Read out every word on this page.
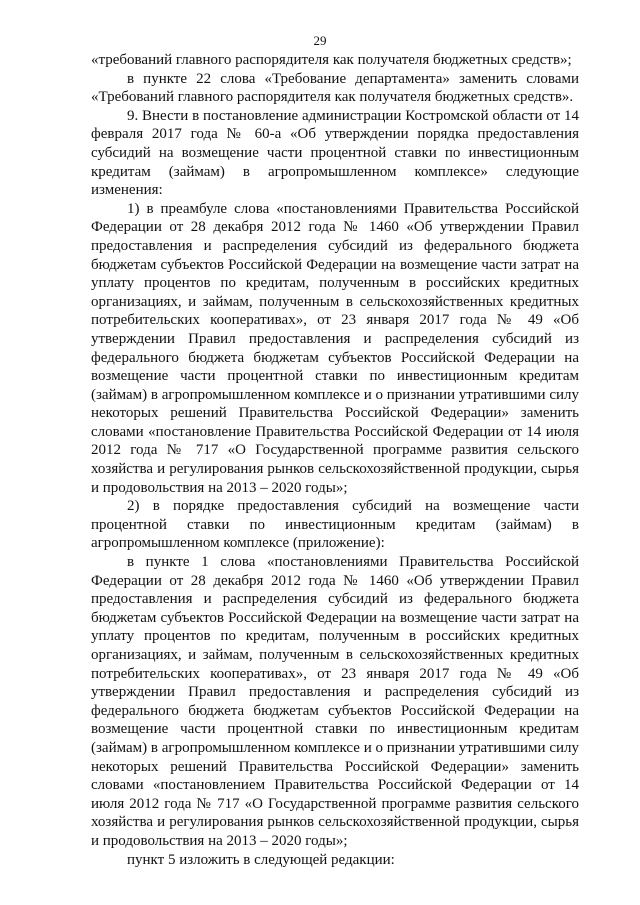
29

«требований главного распорядителя как получателя бюджетных средств»;

в пункте 22 слова «Требование департамента» заменить словами «Требований главного распорядителя как получателя бюджетных средств».

9. Внести в постановление администрации Костромской области от 14 февраля 2017 года № 60-а «Об утверждении порядка предоставления субсидий на возмещение части процентной ставки по инвестиционным кредитам (займам) в агропромышленном комплексе» следующие изменения:

1) в преамбуле слова «постановлениями Правительства Российской Федерации от 28 декабря 2012 года № 1460 «Об утверждении Правил предоставления и распределения субсидий из федерального бюджета бюджетам субъектов Российской Федерации на возмещение части затрат на уплату процентов по кредитам, полученным в российских кредитных организациях, и займам, полученным в сельскохозяйственных кредитных потребительских кооперативах», от 23 января 2017 года № 49 «Об утверждении Правил предоставления и распределения субсидий из федерального бюджета бюджетам субъектов Российской Федерации на возмещение части процентной ставки по инвестиционным кредитам (займам) в агропромышленном комплексе и о признании утратившими силу некоторых решений Правительства Российской Федерации» заменить словами «постановление Правительства Российской Федерации от 14 июля 2012 года № 717 «О Государственной программе развития сельского хозяйства и регулирования рынков сельскохозяйственной продукции, сырья и продовольствия на 2013 – 2020 годы»;

2) в порядке предоставления субсидий на возмещение части процентной ставки по инвестиционным кредитам (займам) в агропромышленном комплексе (приложение):

в пункте 1 слова «постановлениями Правительства Российской Федерации от 28 декабря 2012 года № 1460 «Об утверждении Правил предоставления и распределения субсидий из федерального бюджета бюджетам субъектов Российской Федерации на возмещение части затрат на уплату процентов по кредитам, полученным в российских кредитных организациях, и займам, полученным в сельскохозяйственных кредитных потребительских кооперативах», от 23 января 2017 года № 49 «Об утверждении Правил предоставления и распределения субсидий из федерального бюджета бюджетам субъектов Российской Федерации на возмещение части процентной ставки по инвестиционным кредитам (займам) в агропромышленном комплексе и о признании утратившими силу некоторых решений Правительства Российской Федерации» заменить словами «постановлением Правительства Российской Федерации от 14 июля 2012 года № 717 «О Государственной программе развития сельского хозяйства и регулирования рынков сельскохозяйственной продукции, сырья и продовольствия на 2013 – 2020 годы»;

пункт 5 изложить в следующей редакции:
